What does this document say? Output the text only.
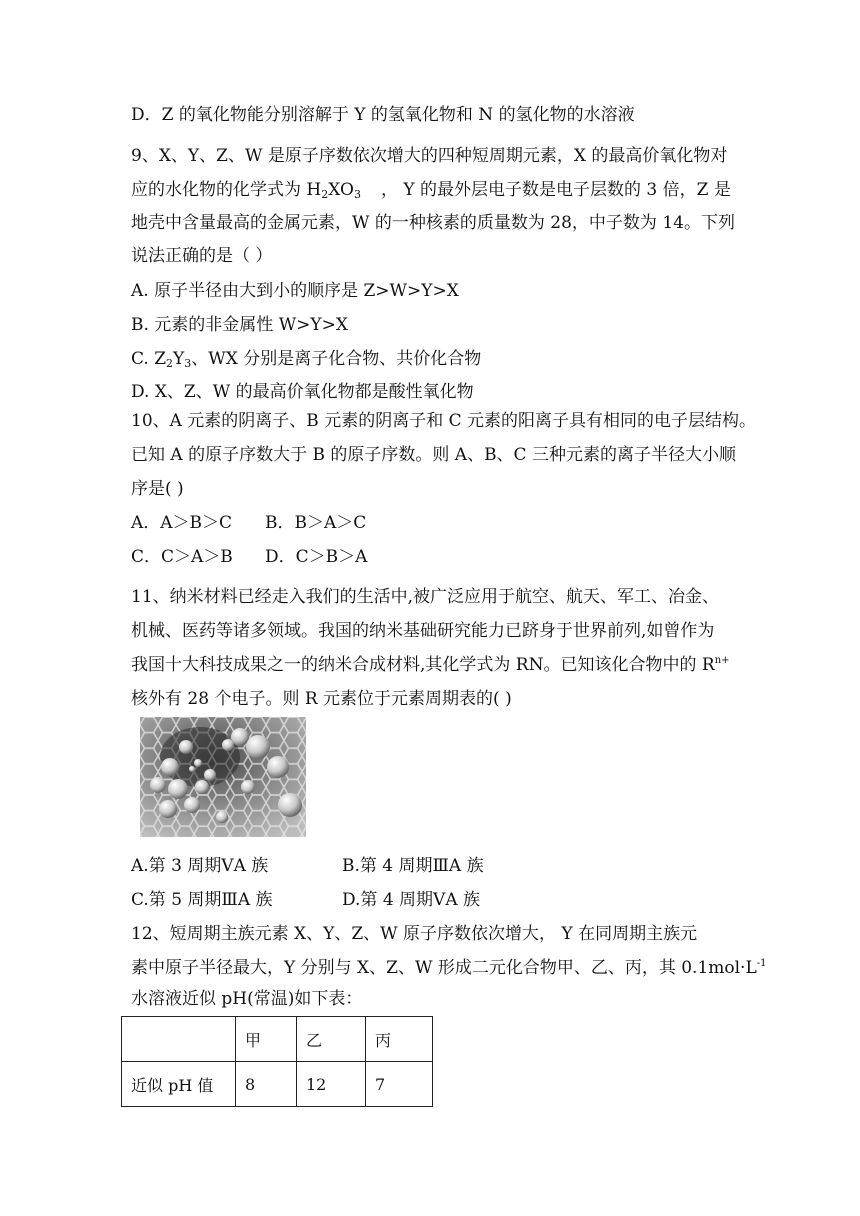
D．Z 的氧化物能分别溶解于 Y 的氢氧化物和 N 的氢化物的水溶液
9、X、Y、Z、W 是原子序数依次增大的四种短周期元素，X 的最高价氧化物对
应的水化物的化学式为 $H_2XO_3$ ， Y 的最外层电子数是电子层数的 3 倍，Z 是
地壳中含量最高的金属元素，W 的一种核素的质量数为 28，中子数为 14。下列
说法正确的是（ ）
A. 原子半径由大到小的顺序是 Z>W>Y>X
B. 元素的非金属性 W>Y>X
C. $Z_2Y_3$、WX 分别是离子化合物、共价化合物
D. X、Z、W 的最高价氧化物都是酸性氧化物
10、A 元素的阴离子、B 元素的阴离子和 C 元素的阳离子具有相同的电子层结构。
已知 A 的原子序数大于 B 的原子序数。则 A、B、C 三种元素的离子半径大小顺
序是( )
A．A＞B＞C B．B＞A＞C
C．C＞A＞B D．C＞B＞A
11、纳米材料已经走入我们的生活中,被广泛应用于航空、航天、军工、冶金、
机械、医药等诸多领域。我国的纳米基础研究能力已跻身于世界前列,如曾作为
我国十大科技成果之一的纳米合成材料,其化学式为 RN。已知该化合物中的 $R^{n+}$
核外有 28 个电子。则 R 元素位于元素周期表的( )
A.第 3 周期ⅤA 族	B.第 4 周期ⅢA 族
C.第 5 周期ⅢA 族	D.第 4 周期ⅤA 族
12、短周期主族元素 X、Y、Z、W 原子序数依次增大， Y 在同周期主族元
素中原子半径最大，Y 分别与 X、Z、W 形成二元化合物甲、乙、丙，其 $0.1mol\cdot L^{-1}$
水溶液近似 pH(常温)如下表：
	甲	乙	丙
近似 pH 值	8	12	7
